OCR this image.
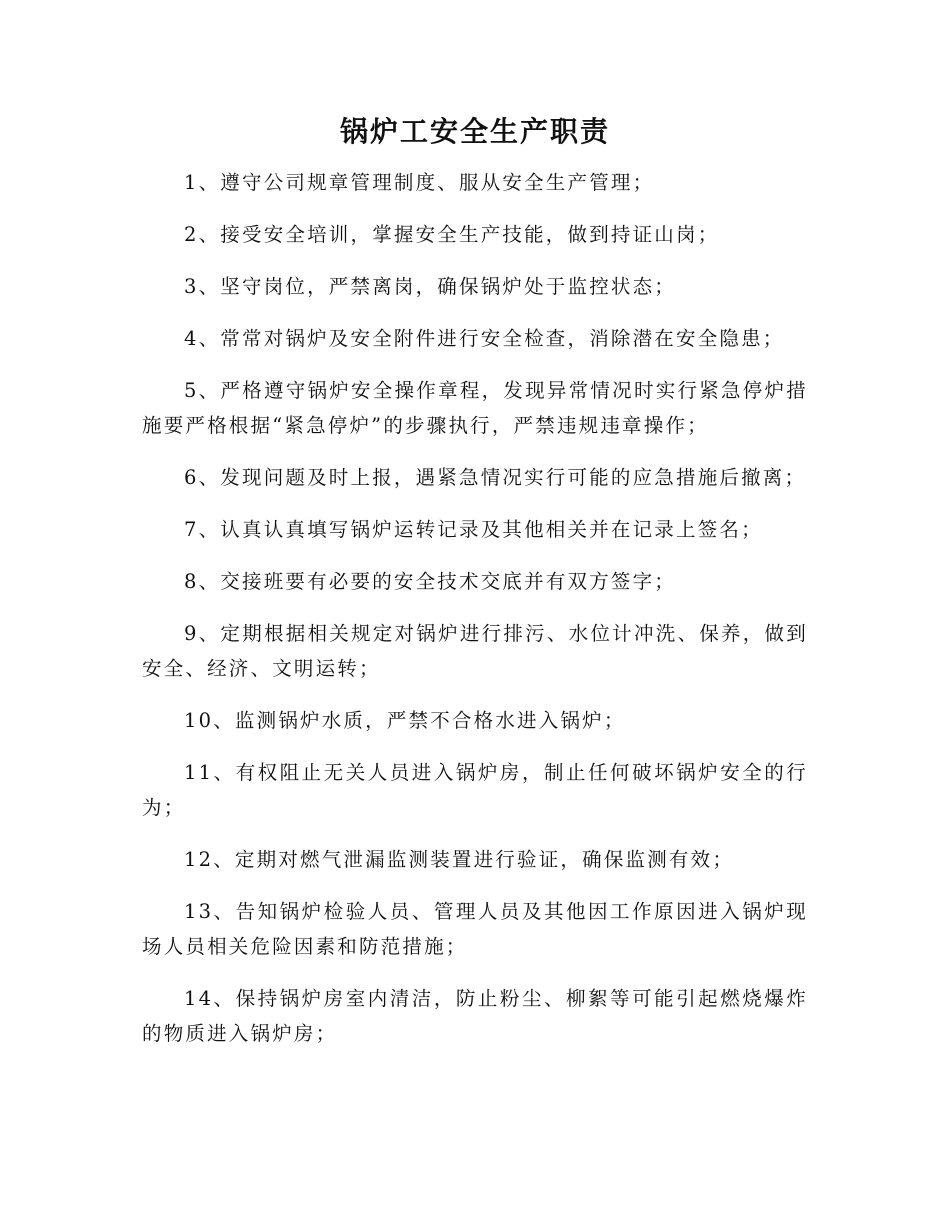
锅炉工安全生产职责

1、遵守公司规章管理制度、服从安全生产管理；

2、接受安全培训，掌握安全生产技能，做到持证山岗；

3、坚守岗位，严禁离岗，确保锅炉处于监控状态；

4、常常对锅炉及安全附件进行安全检查，消除潜在安全隐患；

5、严格遵守锅炉安全操作章程，发现异常情况时实行紧急停炉措施要严格根据“紧急停炉”的步骤执行，严禁违规违章操作；

6、发现问题及时上报，遇紧急情况实行可能的应急措施后撤离；

7、认真认真填写锅炉运转记录及其他相关并在记录上签名；

8、交接班要有必要的安全技术交底并有双方签字；

9、定期根据相关规定对锅炉进行排污、水位计冲洗、保养，做到安全、经济、文明运转；

10、监测锅炉水质，严禁不合格水进入锅炉；

11、有权阻止无关人员进入锅炉房，制止任何破坏锅炉安全的行为；

12、定期对燃气泄漏监测装置进行验证，确保监测有效；

13、告知锅炉检验人员、管理人员及其他因工作原因进入锅炉现场人员相关危险因素和防范措施；

14、保持锅炉房室内清洁，防止粉尘、柳絮等可能引起燃烧爆炸的物质进入锅炉房；
